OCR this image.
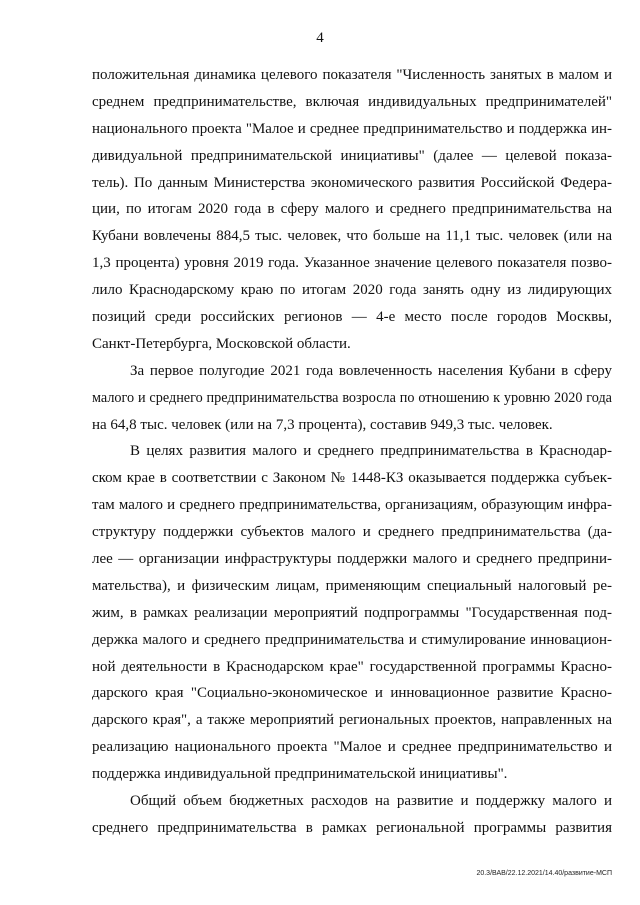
4

положительная динамика целевого показателя "Численность занятых в малом и
среднем предпринимательстве, включая индивидуальных предпринимателей"
национального проекта "Малое и среднее предпринимательство и поддержка ин-
дивидуальной предпринимательской инициативы" (далее — целевой показа-
тель). По данным Министерства экономического развития Российской Федера-
ции, по итогам 2020 года в сферу малого и среднего предпринимательства на
Кубани вовлечены 884,5 тыс. человек, что больше на 11,1 тыс. человек (или на
1,3 процента) уровня 2019 года. Указанное значение целевого показателя позво-
лило Краснодарскому краю по итогам 2020 года занять одну из лидирующих
позиций среди российских регионов — 4-е место после городов Москвы,
Санкт-Петербурга, Московской области.

За первое полугодие 2021 года вовлеченность населения Кубани в сферу
малого и среднего предпринимательства возросла по отношению к уровню 2020 года
на 64,8 тыс. человек (или на 7,3 процента), составив 949,3 тыс. человек.

В целях развития малого и среднего предпринимательства в Краснодар-
ском крае в соответствии с Законом № 1448-КЗ оказывается поддержка субъек-
там малого и среднего предпринимательства, организациям, образующим инфра-
структуру поддержки субъектов малого и среднего предпринимательства (да-
лее — организации инфраструктуры поддержки малого и среднего предприни-
мательства), и физическим лицам, применяющим специальный налоговый ре-
жим, в рамках реализации мероприятий подпрограммы "Государственная под-
держка малого и среднего предпринимательства и стимулирование инновацион-
ной деятельности в Краснодарском крае" государственной программы Красно-
дарского края "Социально-экономическое и инновационное развитие Красно-
дарского края", а также мероприятий региональных проектов, направленных на
реализацию национального проекта "Малое и среднее предпринимательство и
поддержка индивидуальной предпринимательской инициативы".

Общий объем бюджетных расходов на развитие и поддержку малого и
среднего предпринимательства в рамках региональной программы развития

20.3/ВАВ/22.12.2021/14.40/развитие-МСП
